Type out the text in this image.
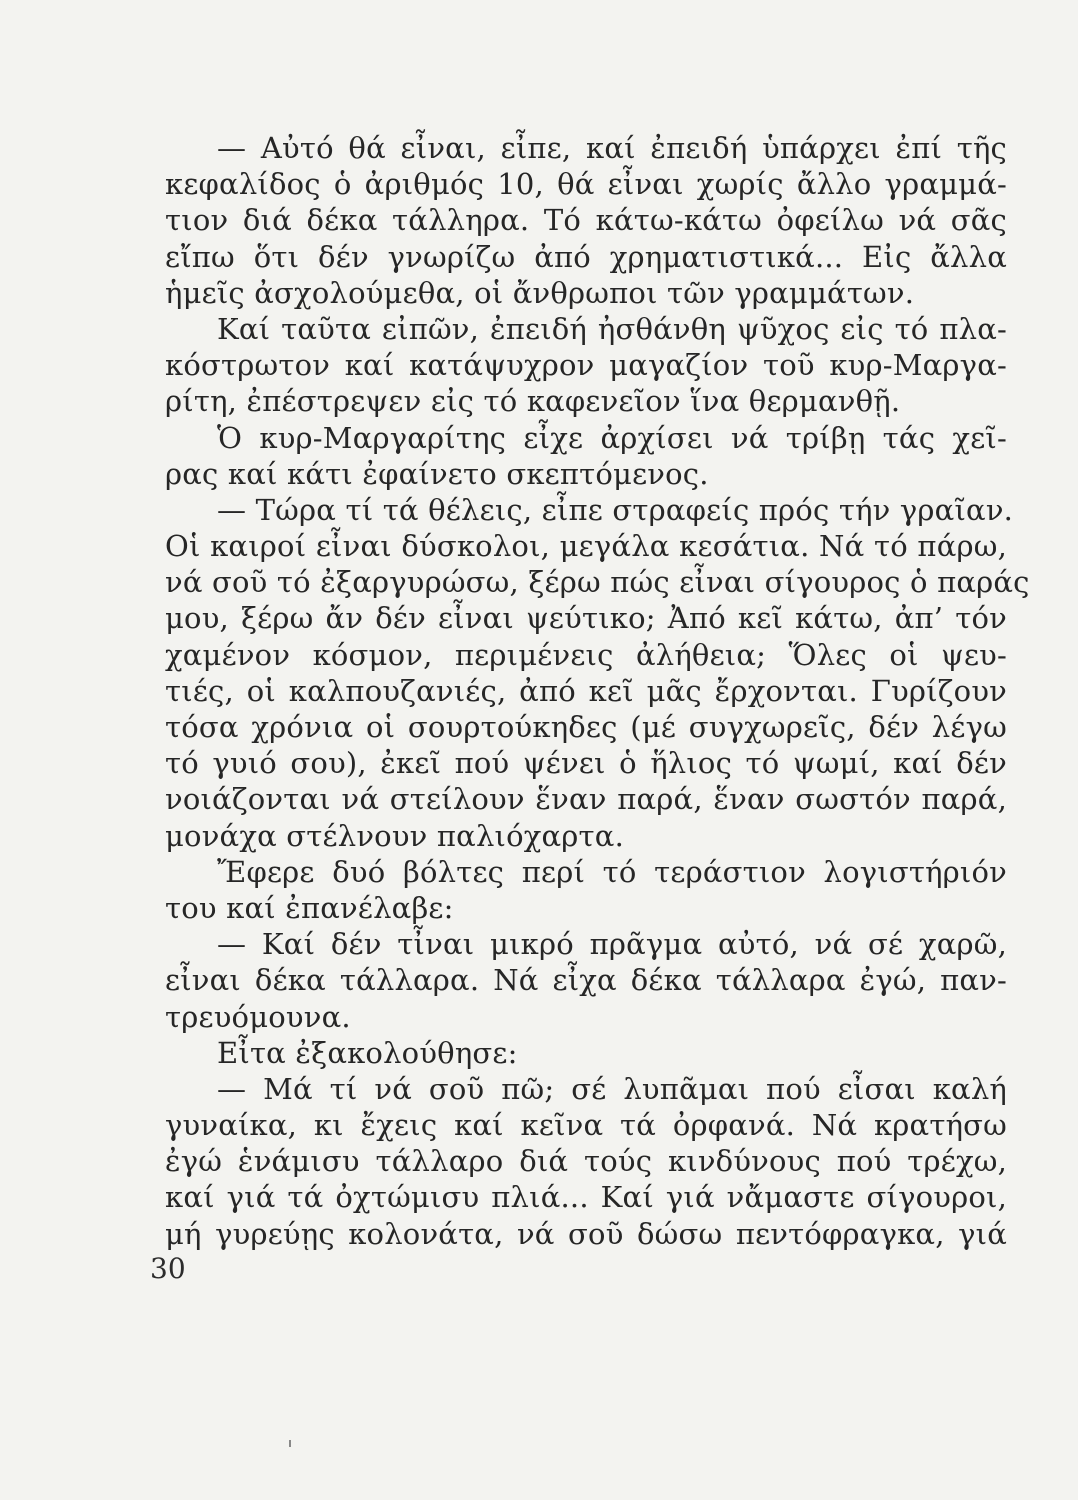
— Αὐτό θά εἶναι, εἶπε, καί ἐπειδή ὑπάρχει ἐπί τῆς
κεφαλίδος ὁ ἀριθμός 10, θά εἶναι χωρίς ἄλλο γραμμά-
τιον διά δέκα τάλληρα. Τό κάτω-κάτω ὀφείλω νά σᾶς
εἴπω ὅτι δέν γνωρίζω ἀπό χρηματιστικά... Εἰς ἄλλα
ἡμεῖς ἀσχολούμεθα, οἱ ἄνθρωποι τῶν γραμμάτων.
Καί ταῦτα εἰπῶν, ἐπειδή ἠσθάνθη ψῦχος εἰς τό πλα-
κόστρωτον καί κατάψυχρον μαγαζίον τοῦ κυρ-Μαργα-
ρίτη, ἐπέστρεψεν εἰς τό καφενεῖον ἵνα θερμανθῇ.
Ὁ κυρ-Μαργαρίτης εἶχε ἀρχίσει νά τρίβῃ τάς χεῖ-
ρας καί κάτι ἐφαίνετο σκεπτόμενος.
— Τώρα τί τά θέλεις, εἶπε στραφείς πρός τήν γραῖαν.
Οἱ καιροί εἶναι δύσκολοι, μεγάλα κεσάτια. Νά τό πάρω,
νά σοῦ τό ἐξαργυρώσω, ξέρω πώς εἶναι σίγουρος ὁ παράς
μου, ξέρω ἄν δέν εἶναι ψεύτικο; Ἀπό κεῖ κάτω, ἀπ’ τόν
χαμένον κόσμον, περιμένεις ἀλήθεια; Ὅλες οἱ ψευ-
τιές, οἱ καλπουζανιές, ἀπό κεῖ μᾶς ἔρχονται. Γυρίζουν
τόσα χρόνια οἱ σουρτούκηδες (μέ συγχωρεῖς, δέν λέγω
τό γυιό σου), ἐκεῖ πού ψένει ὁ ἥλιος τό ψωμί, καί δέν
νοιάζονται νά στείλουν ἕναν παρά, ἕναν σωστόν παρά,
μονάχα στέλνουν παλιόχαρτα.
Ἔφερε δυό βόλτες περί τό τεράστιον λογιστήριόν
του καί ἐπανέλαβε:
— Καί δέν τἶναι μικρό πρᾶγμα αὐτό, νά σέ χαρῶ,
εἶναι δέκα τάλλαρα. Νά εἶχα δέκα τάλλαρα ἐγώ, παν-
τρευόμουνα.
Εἶτα ἐξακολούθησε:
— Μά τί νά σοῦ πῶ; σέ λυπᾶμαι πού εἶσαι καλή
γυναίκα, κι ἔχεις καί κεῖνα τά ὀρφανά. Νά κρατήσω
ἐγώ ἑνάμισυ τάλλαρο διά τούς κινδύνους πού τρέχω,
καί γιά τά ὀχτώμισυ πλιά... Καί γιά νἄμαστε σίγουροι,
μή γυρεύῃς κολονάτα, νά σοῦ δώσω πεντόφραγκα, γιά
30
